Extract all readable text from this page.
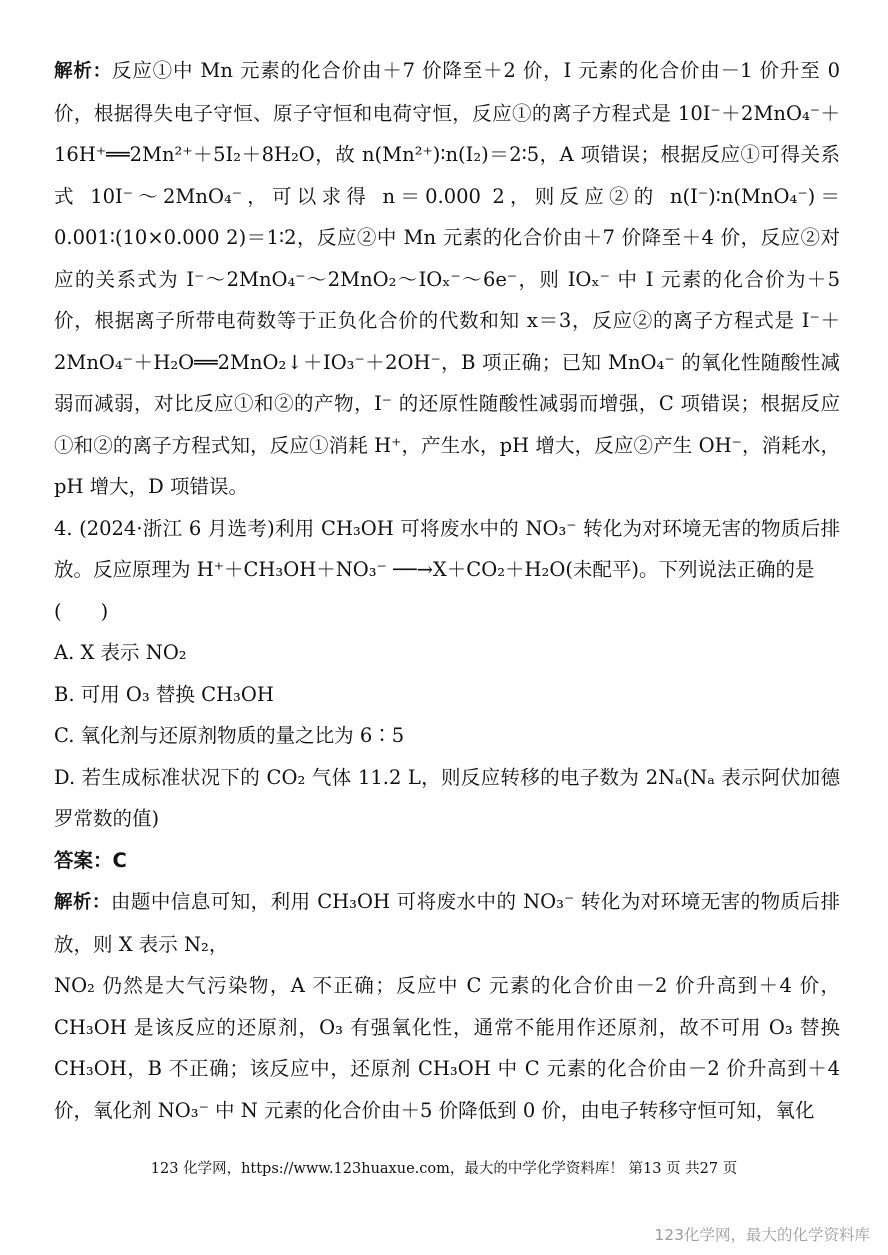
解析：反应①中 Mn 元素的化合价由＋7 价降至＋2 价，I 元素的化合价由－1 价升至 0 价，根据得失电子守恒、原子守恒和电荷守恒，反应①的离子方程式是 10I⁻＋2MnO₄⁻＋16H⁺══2Mn²⁺＋5I₂＋8H₂O，故 n(Mn²⁺)∶n(I₂)＝2∶5，A 项错误；根据反应①可得关系式 10I⁻～2MnO₄⁻，可以求得 n＝0.000 2，则反应②的 n(I⁻)∶n(MnO₄⁻)＝0.001∶(10×0.000 2)＝1∶2，反应②中 Mn 元素的化合价由＋7 价降至＋4 价，反应②对应的关系式为 I⁻～2MnO₄⁻～2MnO₂～IOₓ⁻～6e⁻，则 IOₓ⁻ 中 I 元素的化合价为＋5 价，根据离子所带电荷数等于正负化合价的代数和知 x＝3，反应②的离子方程式是 I⁻＋2MnO₄⁻＋H₂O══2MnO₂↓＋IO₃⁻＋2OH⁻，B 项正确；已知 MnO₄⁻ 的氧化性随酸性减弱而减弱，对比反应①和②的产物，I⁻ 的还原性随酸性减弱而增强，C 项错误；根据反应①和②的离子方程式知，反应①消耗 H⁺，产生水，pH 增大，反应②产生 OH⁻，消耗水，pH 增大，D 项错误。

4. (2024·浙江 6 月选考)利用 CH₃OH 可将废水中的 NO₃⁻ 转化为对环境无害的物质后排放。反应原理为 H⁺＋CH₃OH＋NO₃⁻ ──→X＋CO₂＋H₂O(未配平)。下列说法正确的是

(　　)

A. X 表示 NO₂

B. 可用 O₃ 替换 CH₃OH

C. 氧化剂与还原剂物质的量之比为 6∶5

D. 若生成标准状况下的 CO₂ 气体 11.2 L，则反应转移的电子数为 2Nₐ(Nₐ 表示阿伏加德罗常数的值)

答案：C

解析：由题中信息可知，利用 CH₃OH 可将废水中的 NO₃⁻ 转化为对环境无害的物质后排放，则 X 表示 N₂，

NO₂ 仍然是大气污染物，A 不正确；反应中 C 元素的化合价由－2 价升高到＋4 价，CH₃OH 是该反应的还原剂，O₃ 有强氧化性，通常不能用作还原剂，故不可用 O₃ 替换 CH₃OH，B 不正确；该反应中，还原剂 CH₃OH 中 C 元素的化合价由－2 价升高到＋4 价，氧化剂 NO₃⁻ 中 N 元素的化合价由＋5 价降低到 0 价，由电子转移守恒可知，氧化

123 化学网，https://www.123huaxue.com，最大的中学化学资料库！ 第13 页 共27 页
123化学网，最大的化学资料库
